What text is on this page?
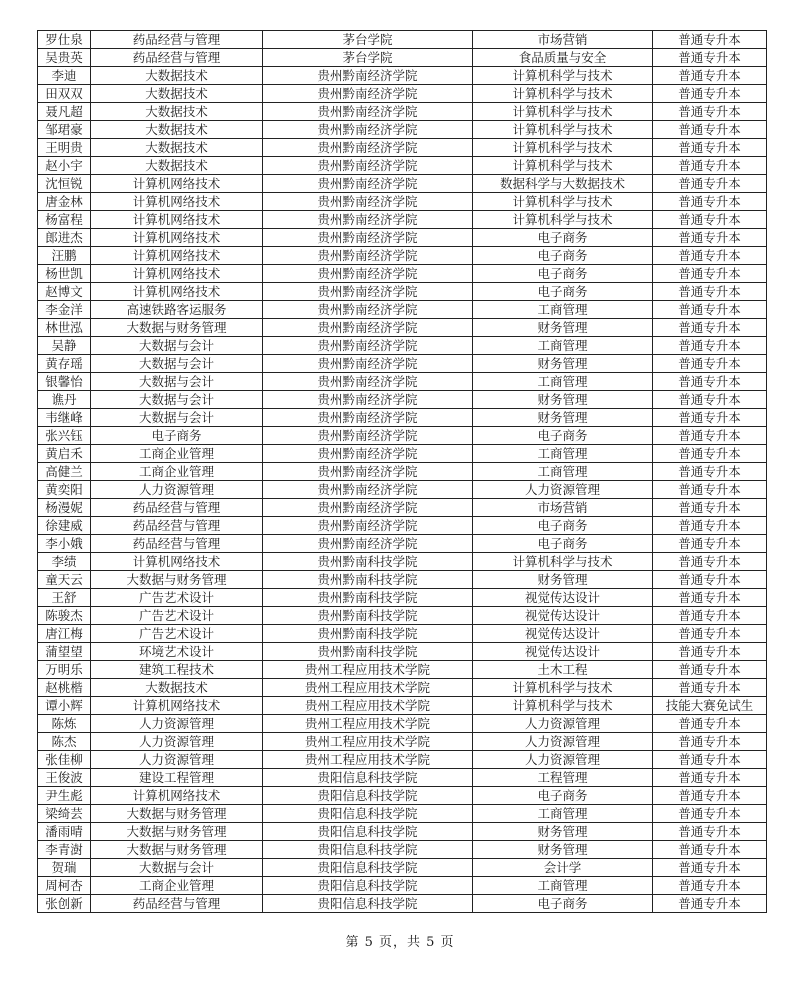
罗仕泉	药品经营与管理	茅台学院	市场营销	普通专升本
吴贵英	药品经营与管理	茅台学院	食品质量与安全	普通专升本
李迪	大数据技术	贵州黔南经济学院	计算机科学与技术	普通专升本
田双双	大数据技术	贵州黔南经济学院	计算机科学与技术	普通专升本
聂凡超	大数据技术	贵州黔南经济学院	计算机科学与技术	普通专升本
邹珺豪	大数据技术	贵州黔南经济学院	计算机科学与技术	普通专升本
王明贵	大数据技术	贵州黔南经济学院	计算机科学与技术	普通专升本
赵小宇	大数据技术	贵州黔南经济学院	计算机科学与技术	普通专升本
沈恒锐	计算机网络技术	贵州黔南经济学院	数据科学与大数据技术	普通专升本
唐金林	计算机网络技术	贵州黔南经济学院	计算机科学与技术	普通专升本
杨富程	计算机网络技术	贵州黔南经济学院	计算机科学与技术	普通专升本
郎进杰	计算机网络技术	贵州黔南经济学院	电子商务	普通专升本
汪鹏	计算机网络技术	贵州黔南经济学院	电子商务	普通专升本
杨世凯	计算机网络技术	贵州黔南经济学院	电子商务	普通专升本
赵博文	计算机网络技术	贵州黔南经济学院	电子商务	普通专升本
李金洋	高速铁路客运服务	贵州黔南经济学院	工商管理	普通专升本
林世泓	大数据与财务管理	贵州黔南经济学院	财务管理	普通专升本
吴静	大数据与会计	贵州黔南经济学院	工商管理	普通专升本
黄存瑶	大数据与会计	贵州黔南经济学院	财务管理	普通专升本
银馨怡	大数据与会计	贵州黔南经济学院	工商管理	普通专升本
谯丹	大数据与会计	贵州黔南经济学院	财务管理	普通专升本
韦继峰	大数据与会计	贵州黔南经济学院	财务管理	普通专升本
张兴钰	电子商务	贵州黔南经济学院	电子商务	普通专升本
黄启禾	工商企业管理	贵州黔南经济学院	工商管理	普通专升本
高健兰	工商企业管理	贵州黔南经济学院	工商管理	普通专升本
黄奕阳	人力资源管理	贵州黔南经济学院	人力资源管理	普通专升本
杨漫妮	药品经营与管理	贵州黔南经济学院	市场营销	普通专升本
徐建威	药品经营与管理	贵州黔南经济学院	电子商务	普通专升本
李小娥	药品经营与管理	贵州黔南经济学院	电子商务	普通专升本
李绩	计算机网络技术	贵州黔南科技学院	计算机科学与技术	普通专升本
童天云	大数据与财务管理	贵州黔南科技学院	财务管理	普通专升本
王舒	广告艺术设计	贵州黔南科技学院	视觉传达设计	普通专升本
陈骏杰	广告艺术设计	贵州黔南科技学院	视觉传达设计	普通专升本
唐江梅	广告艺术设计	贵州黔南科技学院	视觉传达设计	普通专升本
蒲望望	环境艺术设计	贵州黔南科技学院	视觉传达设计	普通专升本
万明乐	建筑工程技术	贵州工程应用技术学院	土木工程	普通专升本
赵桃楷	大数据技术	贵州工程应用技术学院	计算机科学与技术	普通专升本
谭小辉	计算机网络技术	贵州工程应用技术学院	计算机科学与技术	技能大赛免试生
陈炼	人力资源管理	贵州工程应用技术学院	人力资源管理	普通专升本
陈杰	人力资源管理	贵州工程应用技术学院	人力资源管理	普通专升本
张佳柳	人力资源管理	贵州工程应用技术学院	人力资源管理	普通专升本
王俊波	建设工程管理	贵阳信息科技学院	工程管理	普通专升本
尹生彪	计算机网络技术	贵阳信息科技学院	电子商务	普通专升本
梁绮芸	大数据与财务管理	贵阳信息科技学院	工商管理	普通专升本
潘雨晴	大数据与财务管理	贵阳信息科技学院	财务管理	普通专升本
李青澍	大数据与财务管理	贵阳信息科技学院	财务管理	普通专升本
贺瑞	大数据与会计	贵阳信息科技学院	会计学	普通专升本
周柯杏	工商企业管理	贵阳信息科技学院	工商管理	普通专升本
张创新	药品经营与管理	贵阳信息科技学院	电子商务	普通专升本
第 5 页，共 5 页
